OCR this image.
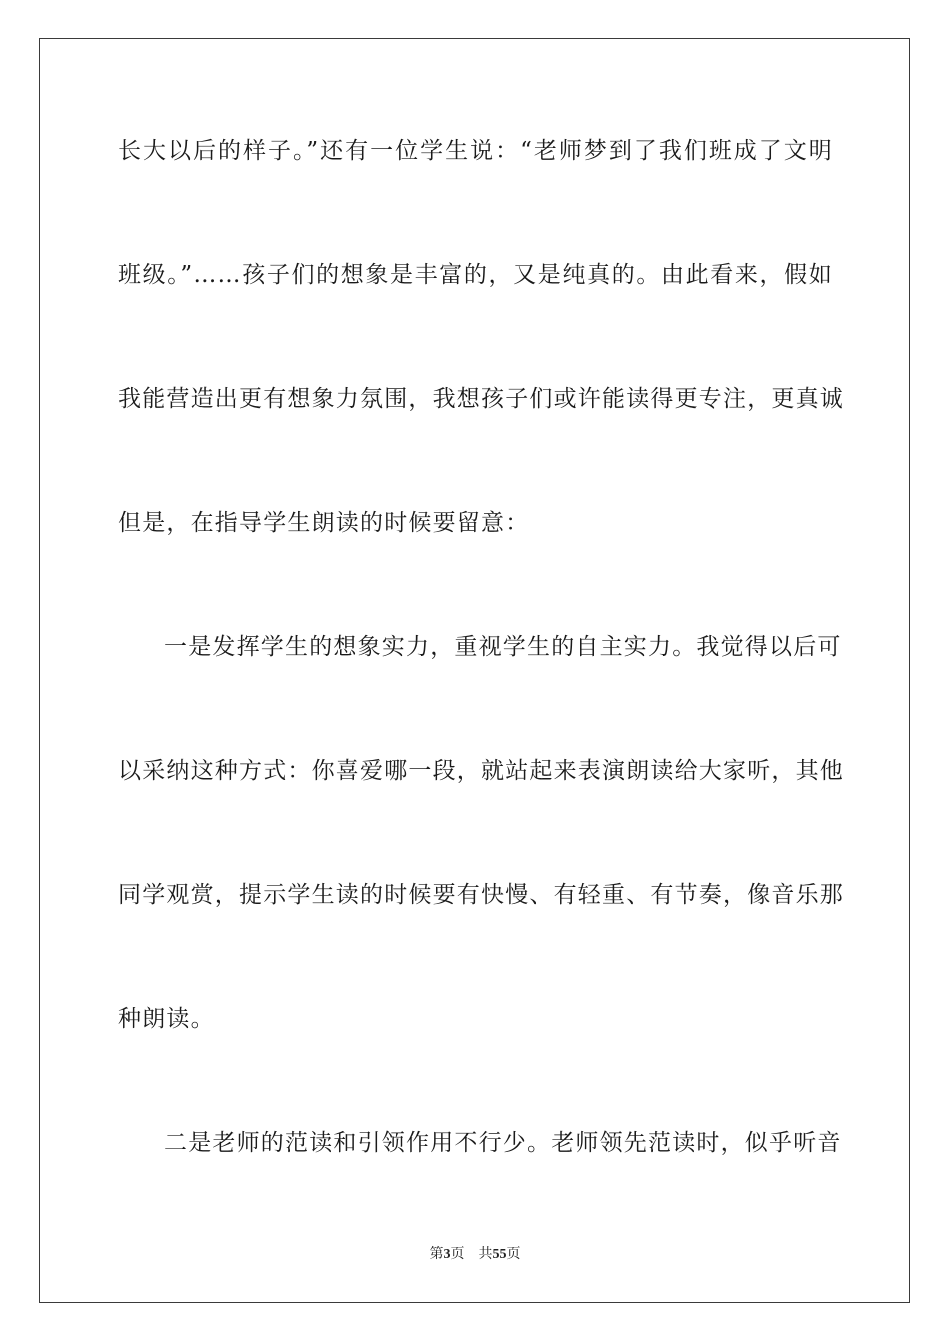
长大以后的样子。”还有一位学生说：“老师梦到了我们班成了文明
班级。”……孩子们的想象是丰富的，又是纯真的。由此看来，假如
我能营造出更有想象力氛围，我想孩子们或许能读得更专注，更真诚
但是，在指导学生朗读的时候要留意：
一是发挥学生的想象实力，重视学生的自主实力。我觉得以后可
以采纳这种方式：你喜爱哪一段，就站起来表演朗读给大家听，其他
同学观赏，提示学生读的时候要有快慢、有轻重、有节奏，像音乐那
种朗读。
二是老师的范读和引领作用不行少。老师领先范读时，似乎听音
第3页 共55页
